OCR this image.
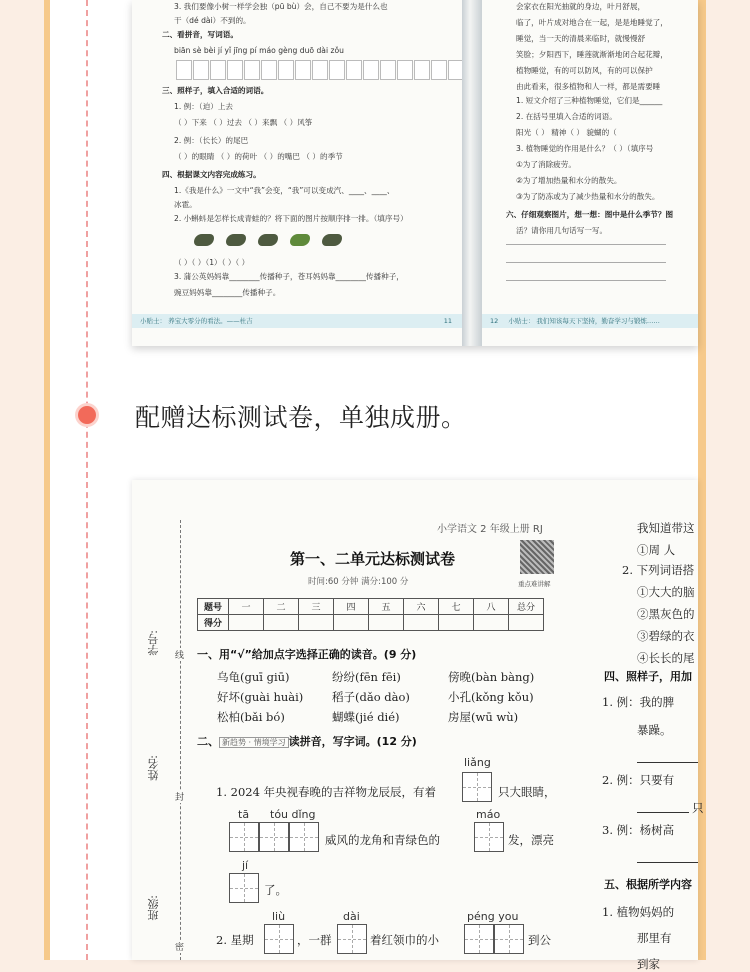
3. 我们要像小树一样学会独（pū bù）会，自己不要为是什么也
干（dé dài）不到的。
二、看拼音，写词语。
biān sè bèi jí yǐ jīng pí máo gèng duō dài zǒu
三、照样子，填入合适的词语。
1. 例：（迫）上去
（ ）下来 （ ）过去 （ ）来飘 （ ）风筝
2. 例：（长长）的尾巴
（ ）的眼睛 （ ）的荷叶 （ ）的嘴巴 （ ）的季节
四、根据课文内容完成练习。
1.《我是什么》一文中“我”会变，“我”可以变成汽、____、____、
冰雹。
2. 小蝌蚪是怎样长成青蛙的？将下面的图片按顺序排一排。（填序号）
（ ）（ ）（1）（ ）（ ）
3. 蒲公英妈妈靠________传播种子，苍耳妈妈靠________传播种子，
豌豆妈妈靠________传播种子。
小贴士： 养宝大零分的看法。——杜吉	11
会家衣在阳光抽就的身边，叶月舒展，
临了，叶片成对地合在一起，是是地睡觉了，
睡觉，当一天的清晨来临时，就慢慢舒
笑脸；夕阳西下，睡莲就渐渐地闭合起花瓣，
植物睡觉，有的可以防风，有的可以保护
由此看来，很多植物和人一样，都是需要睡
1. 短文介绍了三种植物睡觉，它们是______
2. 在括号里填入合适的词语。
阳光（ ） 精神（ ） 貌蝴的（
3. 植物睡觉的作用是什么？（ ）（填序号
①为了消除疲劳。
②为了增加热量和水分的散失。
③为了防冻或为了减少热量和水分的散失。
六、仔细观察图片，想一想：图中是什么季节？图
活？请你用几句话写一写。
12 小贴士： 我们知该每天下坚持，勤奋学习与锻炼……
配赠达标测试卷，单独成册。
学号:
姓名:
班级:
线
封
密
小学语文 2 年级上册 RJ
第一、二单元达标测试卷
重点难讲解
时间:60 分钟 满分:100 分
题号	一	二	三	四	五	六	七	八	总分
得分									
一、用“√”给加点字选择正确的读音。(9 分)
乌龟(guī giū)	纷纷(fēn fēi)	傍晚(bàn bàng)
好坏(guài huài) 稻子(dǎo dào)	小孔(kǒng kǒu)
松柏(bǎi bó)	蝴蝶(jié dié)	房屋(wū wù)
二、 新趋势 · 情境学习 读拼音，写字词。(12 分)
liǎng
1. 2024 年央视春晚的吉祥物龙辰辰，有着	只大眼睛，
tā tóu dǐng
威风的龙角和青绿色的
máo
发，漂亮
jí
了。
2. 星期
liù
，一群
dài
着红领巾的小
péng you
到公
我知道带这
①周 人
2. 下列词语搭
①大大的脑
②黑灰色的
③碧绿的衣
④长长的尾
四、照样子，用加
1. 例：我的脾
暴躁。
2. 例：只要有
只
3. 例：杨树高
五、根据所学内容
1. 植物妈妈的
那里有
到家
